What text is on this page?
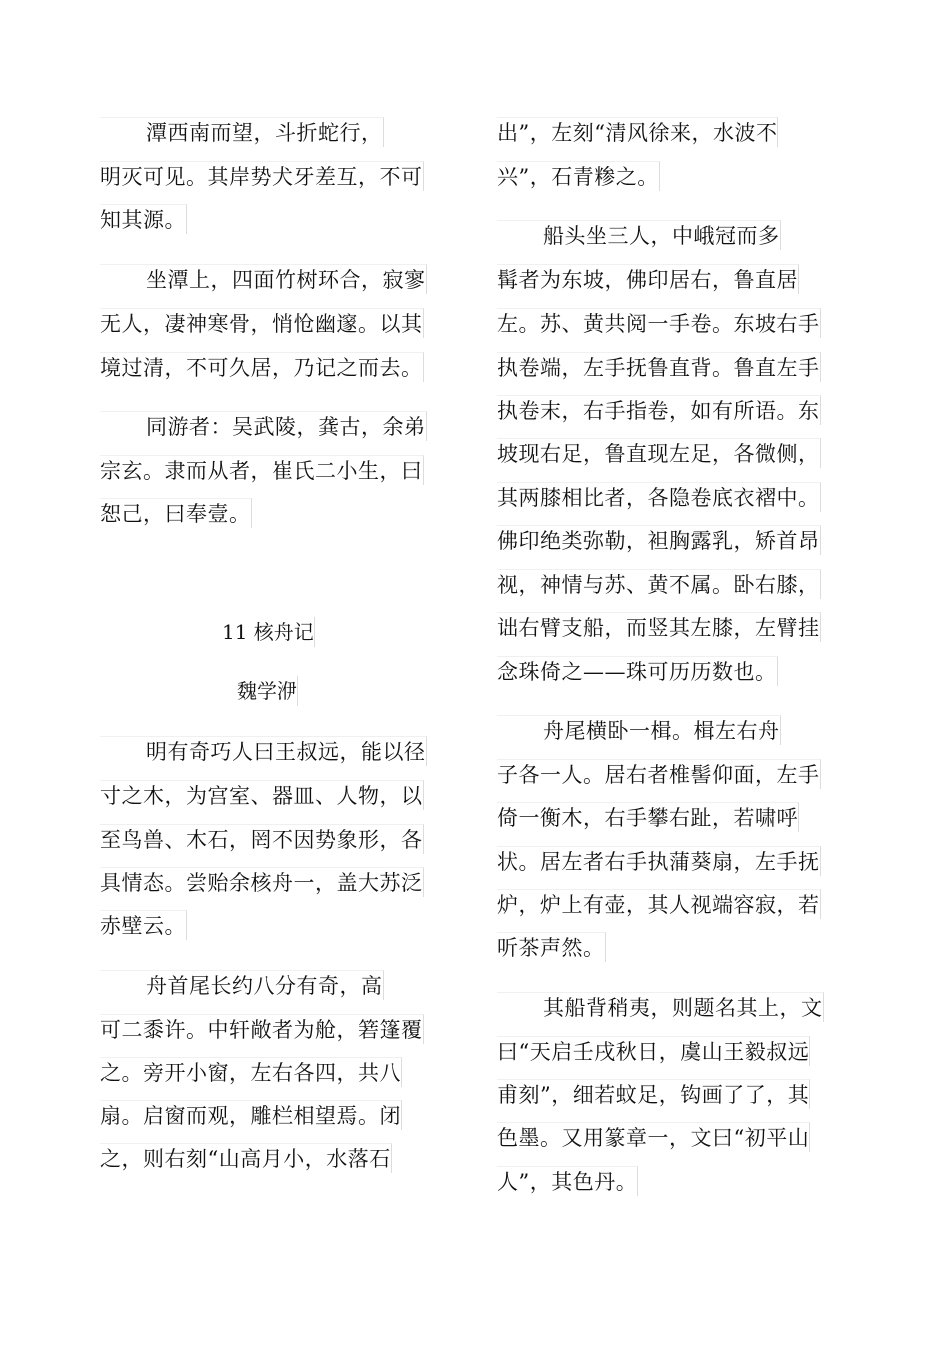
潭西南而望，斗折蛇行，
明灭可见。其岸势犬牙差互，不可
知其源。
坐潭上，四面竹树环合，寂寥
无人，凄神寒骨，悄怆幽邃。以其
境过清，不可久居，乃记之而去。
同游者：吴武陵，龚古，余弟
宗玄。隶而从者，崔氏二小生，曰
恕己，曰奉壹。
11 核舟记
魏学洢
明有奇巧人曰王叔远，能以径
寸之木，为宫室、器皿、人物，以
至鸟兽、木石，罔不因势象形，各
具情态。尝贻余核舟一，盖大苏泛
赤壁云。
舟首尾长约八分有奇，高
可二黍许。中轩敞者为舱，箬篷覆
之。旁开小窗，左右各四，共八
扇。启窗而观，雕栏相望焉。闭
之，则右刻“山高月小，水落石
出”，左刻“清风徐来，水波不
兴”，石青糁之。
船头坐三人，中峨冠而多
髯者为东坡，佛印居右，鲁直居
左。苏、黄共阅一手卷。东坡右手
执卷端，左手抚鲁直背。鲁直左手
执卷末，右手指卷，如有所语。东
坡现右足，鲁直现左足，各微侧，
其两膝相比者，各隐卷底衣褶中。
佛印绝类弥勒，袒胸露乳，矫首昂
视，神情与苏、黄不属。卧右膝，
诎右臂支船，而竖其左膝，左臂挂
念珠倚之——珠可历历数也。
舟尾横卧一楫。楫左右舟
子各一人。居右者椎髻仰面，左手
倚一衡木，右手攀右趾，若啸呼
状。居左者右手执蒲葵扇，左手抚
炉，炉上有壶，其人视端容寂，若
听茶声然。
其船背稍夷，则题名其上，文
曰“天启壬戌秋日，虞山王毅叔远
甫刻”，细若蚊足，钩画了了，其
色墨。又用篆章一，文曰“初平山
人”，其色丹。
